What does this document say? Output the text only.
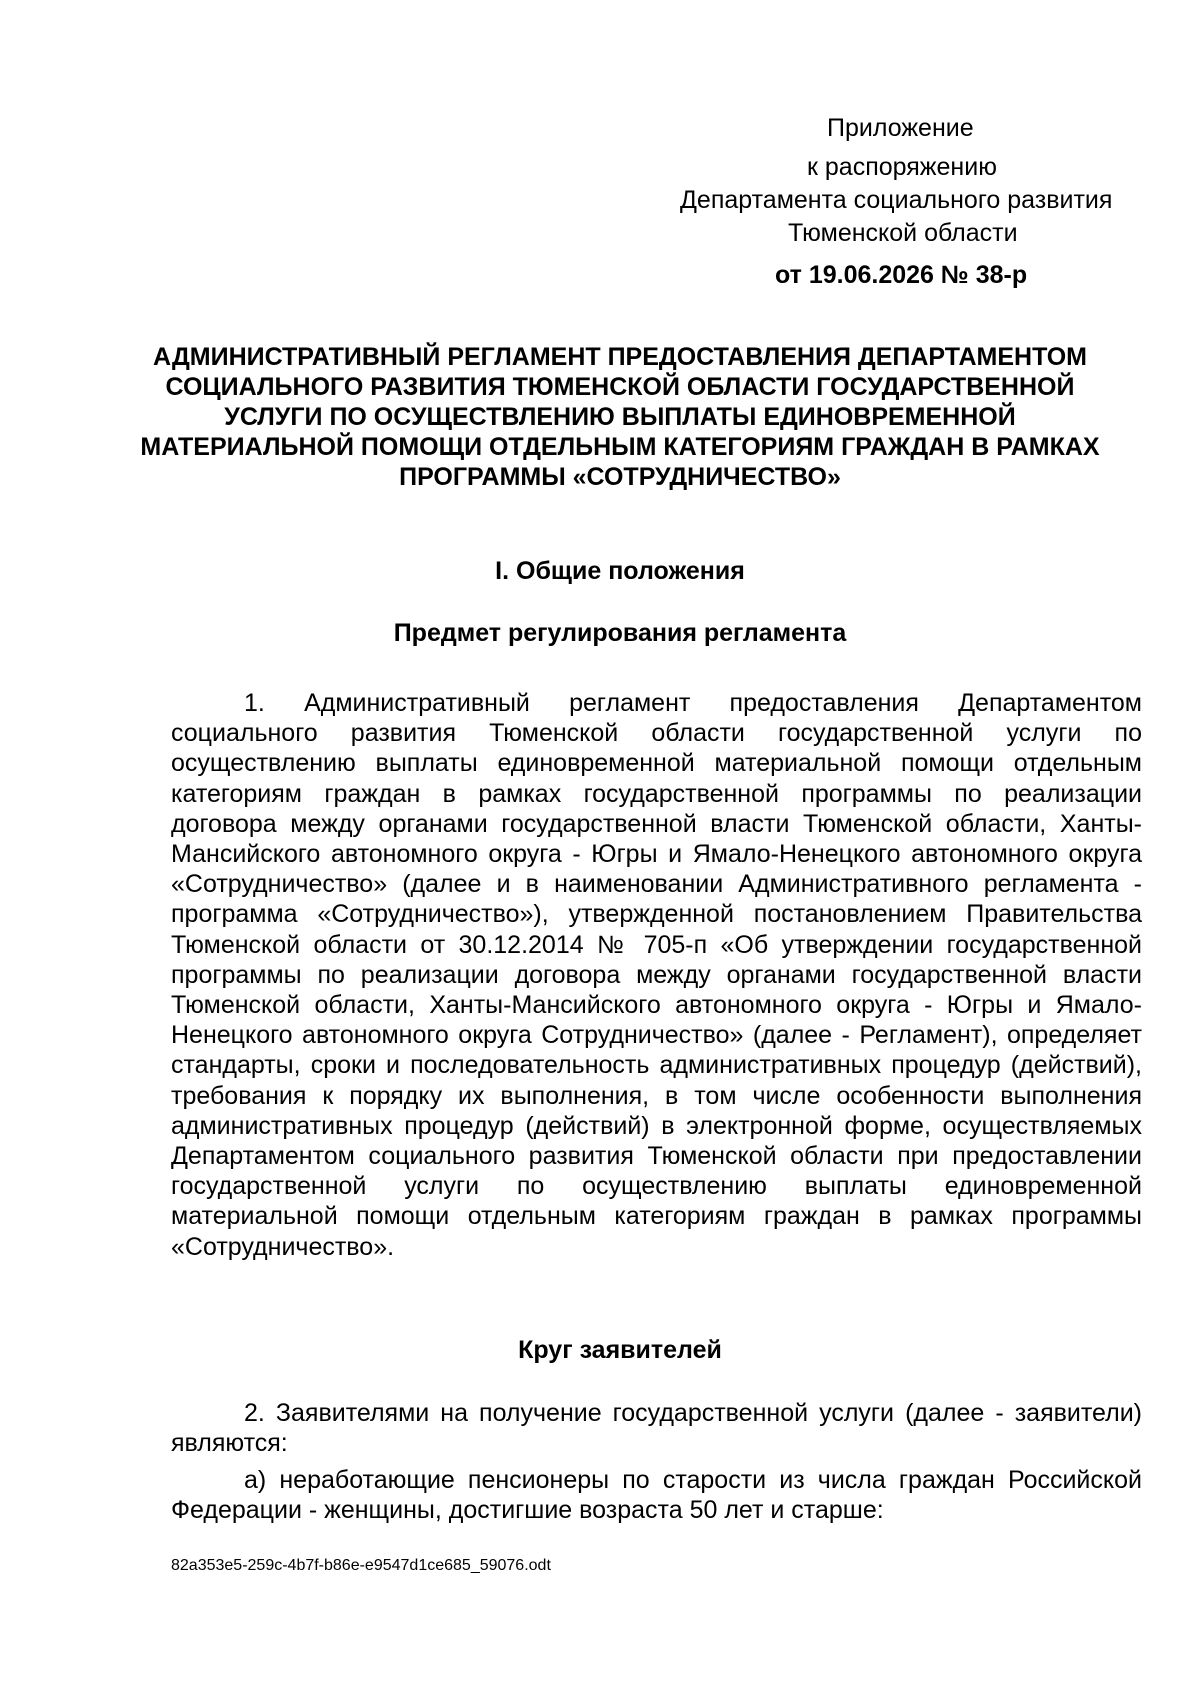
Приложение
к распоряжению
Департамента социального развития
Тюменской области
от 19.06.2026 № 38-р
АДМИНИСТРАТИВНЫЙ РЕГЛАМЕНТ ПРЕДОСТАВЛЕНИЯ ДЕПАРТАМЕНТОМ СОЦИАЛЬНОГО РАЗВИТИЯ ТЮМЕНСКОЙ ОБЛАСТИ ГОСУДАРСТВЕННОЙ УСЛУГИ ПО ОСУЩЕСТВЛЕНИЮ ВЫПЛАТЫ ЕДИНОВРЕМЕННОЙ МАТЕРИАЛЬНОЙ ПОМОЩИ ОТДЕЛЬНЫМ КАТЕГОРИЯМ ГРАЖДАН В РАМКАХ ПРОГРАММЫ «СОТРУДНИЧЕСТВО»
I. Общие положения
Предмет регулирования регламента
1. Административный регламент предоставления Департаментом социального развития Тюменской области государственной услуги по осуществлению выплаты единовременной материальной помощи отдельным категориям граждан в рамках государственной программы по реализации договора между органами государственной власти Тюменской области, Ханты-Мансийского автономного округа - Югры и Ямало-Ненецкого автономного округа «Сотрудничество» (далее и в наименовании Административного регламента - программа «Сотрудничество»), утвержденной постановлением Правительства Тюменской области от 30.12.2014 № 705-п «Об утверждении государственной программы по реализации договора между органами государственной власти Тюменской области, Ханты-Мансийского автономного округа - Югры и Ямало-Ненецкого автономного округа Сотрудничество» (далее - Регламент), определяет стандарты, сроки и последовательность административных процедур (действий), требования к порядку их выполнения, в том числе особенности выполнения административных процедур (действий) в электронной форме, осуществляемых Департаментом социального развития Тюменской области при предоставлении государственной услуги по осуществлению выплаты единовременной материальной помощи отдельным категориям граждан в рамках программы «Сотрудничество».
Круг заявителей
2. Заявителями на получение государственной услуги (далее - заявители) являются:
а) неработающие пенсионеры по старости из числа граждан Российской Федерации - женщины, достигшие возраста 50 лет и старше:
82a353e5-259c-4b7f-b86e-e9547d1ce685_59076.odt
